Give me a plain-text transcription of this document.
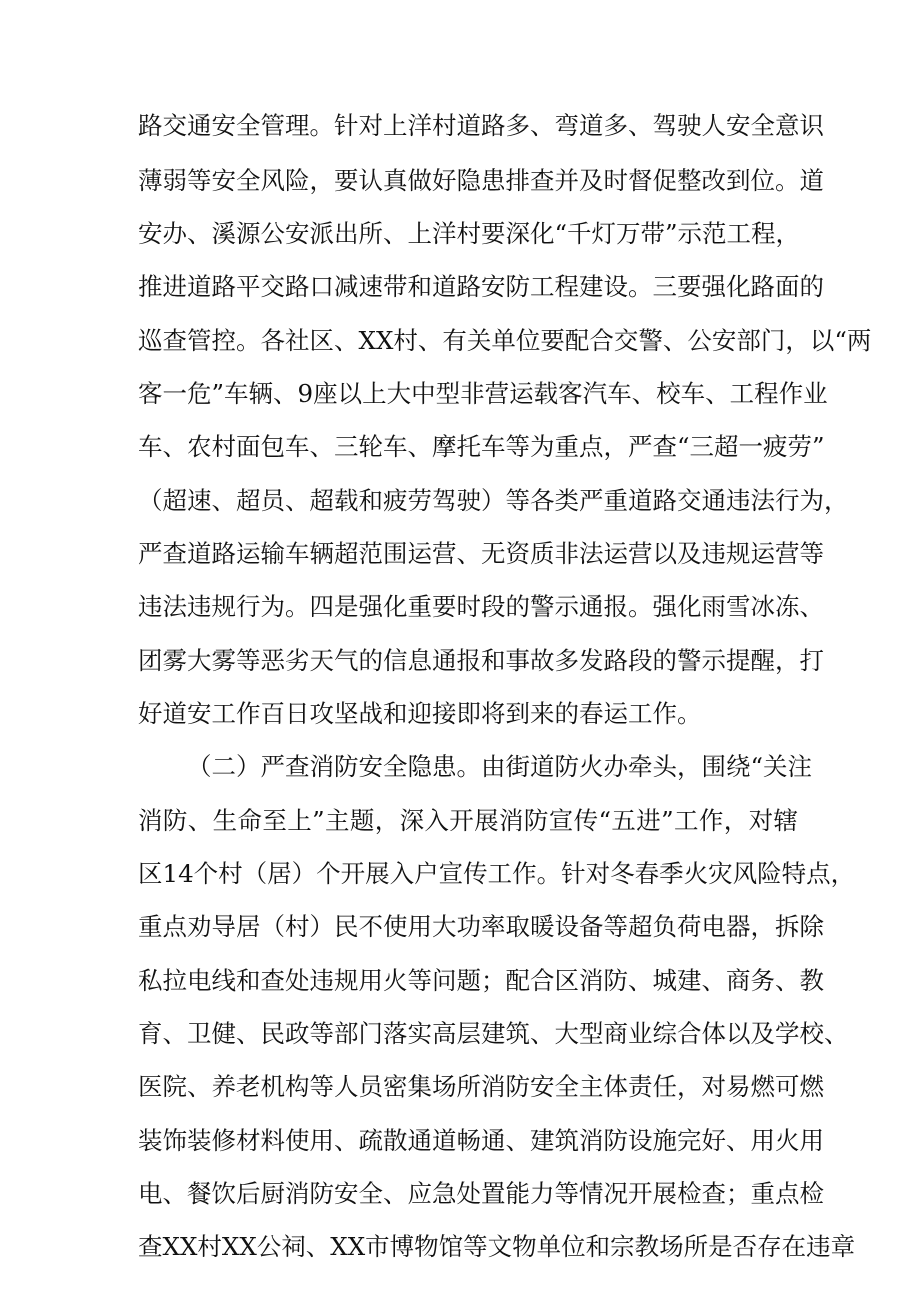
路交通安全管理。针对上洋村道路多、弯道多、驾驶人安全意识
薄弱等安全风险，要认真做好隐患排查并及时督促整改到位。道
安办、溪源公安派出所、上洋村要深化“千灯万带”示范工程，
推进道路平交路口减速带和道路安防工程建设。三要强化路面的
巡查管控。各社区、XX村、有关单位要配合交警、公安部门，以“两
客一危”车辆、9座以上大中型非营运载客汽车、校车、工程作业
车、农村面包车、三轮车、摩托车等为重点，严查“三超一疲劳”
（超速、超员、超载和疲劳驾驶）等各类严重道路交通违法行为，
严查道路运输车辆超范围运营、无资质非法运营以及违规运营等
违法违规行为。四是强化重要时段的警示通报。强化雨雪冰冻、
团雾大雾等恶劣天气的信息通报和事故多发路段的警示提醒，打
好道安工作百日攻坚战和迎接即将到来的春运工作。
（二）严查消防安全隐患。由街道防火办牵头，围绕“关注
消防、生命至上”主题，深入开展消防宣传“五进”工作，对辖
区14个村（居）个开展入户宣传工作。针对冬春季火灾风险特点，
重点劝导居（村）民不使用大功率取暖设备等超负荷电器，拆除
私拉电线和查处违规用火等问题；配合区消防、城建、商务、教
育、卫健、民政等部门落实高层建筑、大型商业综合体以及学校、
医院、养老机构等人员密集场所消防安全主体责任，对易燃可燃
装饰装修材料使用、疏散通道畅通、建筑消防设施完好、用火用
电、餐饮后厨消防安全、应急处置能力等情况开展检查；重点检
查XX村XX公祠、XX市博物馆等文物单位和宗教场所是否存在违章
